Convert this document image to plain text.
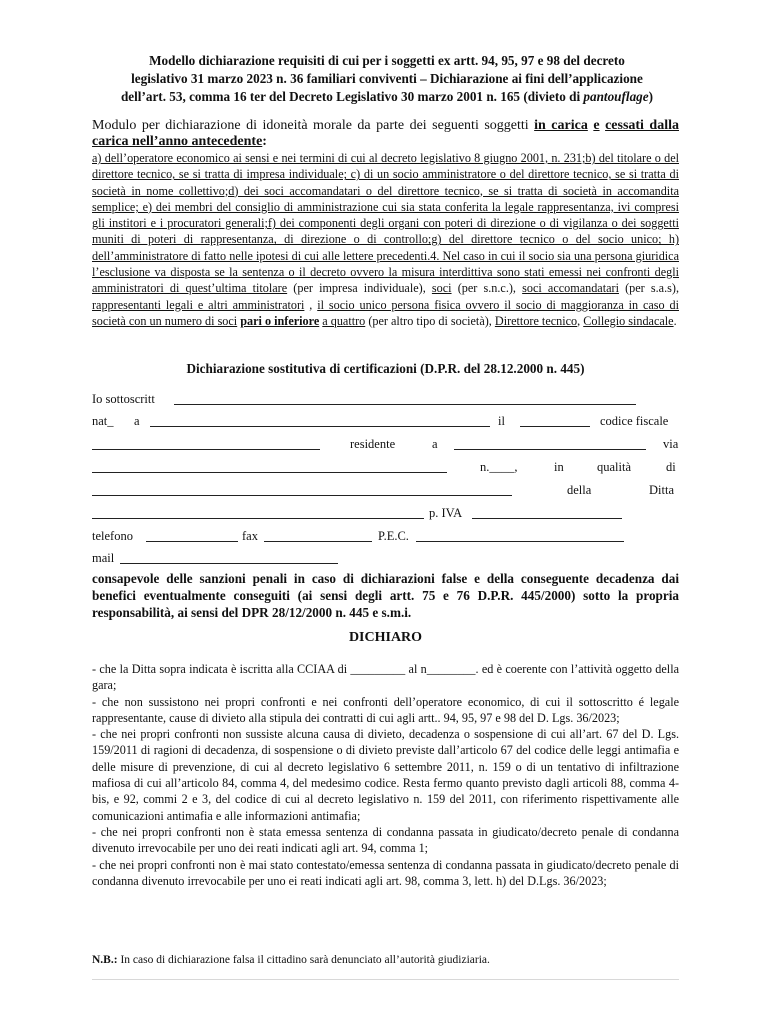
Modello dichiarazione requisiti di cui per i soggetti ex artt. 94, 95, 97 e 98 del decreto
legislativo 31 marzo 2023 n. 36 familiari conviventi – Dichiarazione ai fini dell’applicazione
dell’art. 53, comma 16 ter del Decreto Legislativo 30 marzo 2001 n. 165 (divieto di pantouflage)
Modulo per dichiarazione di idoneità morale da parte dei seguenti soggetti in carica e cessati dalla carica nell’anno antecedente:
a) dell’operatore economico ai sensi e nei termini di cui al decreto legislativo 8 giugno 2001, n. 231;b) del titolare o del direttore tecnico, se si tratta di impresa individuale; c) di un socio amministratore o del direttore tecnico, se si tratta di società in nome collettivo;d) dei soci accomandatari o del direttore tecnico, se si tratta di società in accomandita semplice; e) dei membri del consiglio di amministrazione cui sia stata conferita la legale rappresentanza, ivi compresi gli institori e i procuratori generali;f) dei componenti degli organi con poteri di direzione o di vigilanza o dei soggetti muniti di poteri di rappresentanza, di direzione o di controllo;g) del direttore tecnico o del socio unico; h) dell’amministratore di fatto nelle ipotesi di cui alle lettere precedenti.4. Nel caso in cui il socio sia una persona giuridica l’esclusione va disposta se la sentenza o il decreto ovvero la misura interdittiva sono stati emessi nei confronti degli amministratori di quest’ultima titolare (per impresa individuale), soci (per s.n.c.), soci accomandatari (per s.a.s), rappresentanti legali e altri amministratori , il socio unico persona fisica ovvero il socio di maggioranza in caso di società con un numero di soci pari o inferiore a quattro (per altro tipo di società), Direttore tecnico, Collegio sindacale.
Dichiarazione sostitutiva di certificazioni (D.P.R. del 28.12.2000 n. 445)
Io sottoscritt
nat_ a	il	codice fiscale
residente	a	via
n.____,	in	qualità	di
della	Ditta
p. IVA
telefono	fax	P.E.C.
mail
consapevole delle sanzioni penali in caso di dichiarazioni false e della conseguente decadenza dai benefici eventualmente conseguiti (ai sensi degli artt. 75 e 76 D.P.R. 445/2000) sotto la propria responsabilità, ai sensi del DPR 28/12/2000 n. 445 e s.m.i.
DICHIARO

- che la Ditta sopra indicata è iscritta alla CCIAA di _________ al n________. ed è coerente con l’attività oggetto della gara;

- che non sussistono nei propri confronti e nei confronti dell’operatore economico, di cui il sottoscritto é legale rappresentante, cause di divieto alla stipula dei contratti di cui agli artt.. 94, 95, 97 e 98 del D. Lgs. 36/2023;

- che nei propri confronti non sussiste alcuna causa di divieto, decadenza o sospensione di cui all’art. 67 del D. Lgs. 159/2011 di ragioni di decadenza, di sospensione o di divieto previste dall’articolo 67 del codice delle leggi antimafia e delle misure di prevenzione, di cui al decreto legislativo 6 settembre 2011, n. 159 o di un tentativo di infiltrazione mafiosa di cui all’articolo 84, comma 4, del medesimo codice. Resta fermo quanto previsto dagli articoli 88, comma 4- bis, e 92, commi 2 e 3, del codice di cui al decreto legislativo n. 159 del 2011, con riferimento rispettivamente alle comunicazioni antimafia e alle informazioni antimafia;

- che nei propri confronti non è stata emessa sentenza di condanna passata in giudicato/decreto penale di condanna divenuto irrevocabile per uno dei reati indicati agli art. 94, comma 1;

- che nei propri confronti non è mai stato contestato/emessa sentenza di condanna passata in giudicato/decreto penale di condanna divenuto irrevocabile per uno ei reati indicati agli art. 98, comma 3, lett. h) del D.Lgs. 36/2023;

N.B.: In caso di dichiarazione falsa il cittadino sarà denunciato all’autorità giudiziaria.
